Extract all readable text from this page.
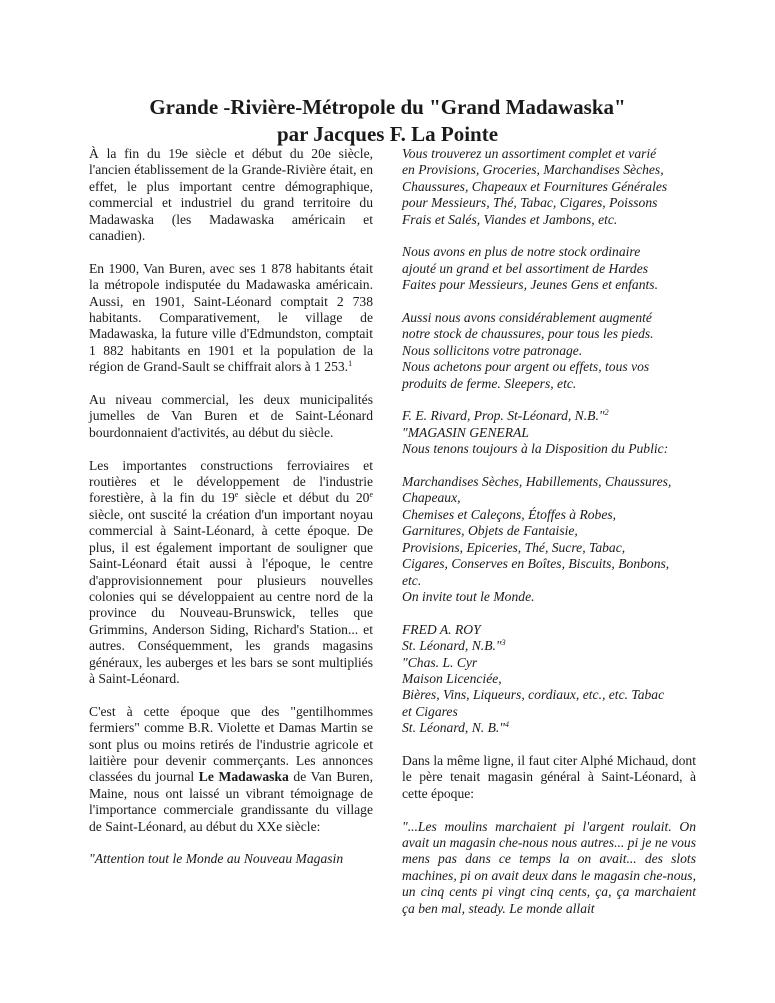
Grande -Rivière-Métropole du "Grand Madawaska"
par Jacques F. La Pointe

À la fin du 19e siècle et début du 20e siècle, l'ancien établissement de la Grande-Rivière était, en effet, le plus important centre démographique, commercial et industriel du grand territoire du Madawaska (les Madawaska américain et canadien).

En 1900, Van Buren, avec ses 1 878 habitants était la métropole indisputée du Madawaska américain. Aussi, en 1901, Saint-Léonard comptait 2 738 habitants. Comparativement, le village de Madawaska, la future ville d'Edmundston, comptait 1 882 habitants en 1901 et la population de la région de Grand-Sault se chiffrait alors à 1 253.$^1$

Au niveau commercial, les deux municipalités jumelles de Van Buren et de Saint-Léonard bourdonnaient d'activités, au début du siècle.

Les importantes constructions ferroviaires et routières et le développement de l'industrie forestière, à la fin du 19e siècle et début du 20e siècle, ont suscité la création d'un important noyau commercial à Saint-Léonard, à cette époque. De plus, il est également important de souligner que Saint-Léonard était aussi à l'époque, le centre d'approvisionnement pour plusieurs nouvelles colonies qui se développaient au centre nord de la province du Nouveau-Brunswick, telles que Grimmins, Anderson Siding, Richard's Station... et autres. Conséquemment, les grands magasins généraux, les auberges et les bars se sont multipliés à Saint-Léonard.

C'est à cette époque que des "gentilhommes fermiers" comme B.R. Violette et Damas Martin se sont plus ou moins retirés de l'industrie agricole et laitière pour devenir commerçants. Les annonces classées du journal Le Madawaska de Van Buren, Maine, nous ont laissé un vibrant témoignage de l'importance commerciale grandissante du village de Saint-Léonard, au début du XXe siècle:

"Attention tout le Monde au Nouveau Magasin

Vous trouverez un assortiment complet et varié
en Provisions, Groceries, Marchandises Sèches,
Chaussures, Chapeaux et Fournitures Générales
pour Messieurs, Thé, Tabac, Cigares, Poissons
Frais et Salés, Viandes et Jambons, etc.

Nous avons en plus de notre stock ordinaire
ajouté un grand et bel assortiment de Hardes
Faites pour Messieurs, Jeunes Gens et enfants.

Aussi nous avons considérablement augmenté
notre stock de chaussures, pour tous les pieds.
Nous sollicitons votre patronage.
Nous achetons pour argent ou effets, tous vos
produits de ferme. Sleepers, etc.

F. E. Rivard, Prop. St-Léonard, N.B."$^2$
"MAGASIN GENERAL
Nous tenons toujours à la Disposition du Public:

Marchandises Sèches, Habillements, Chaussures,
Chapeaux,
Chemises et Caleçons, Étoffes à Robes,
Garnitures, Objets de Fantaisie,
Provisions, Epiceries, Thé, Sucre, Tabac,
Cigares, Conserves en Boîtes, Biscuits, Bonbons,
etc.
On invite tout le Monde.

FRED A. ROY
St. Léonard, N.B."$^3$
"Chas. L. Cyr
Maison Licenciée,
Bières, Vins, Liqueurs, cordiaux, etc., etc. Tabac
et Cigares
St. Léonard, N. B."$^4$

Dans la même ligne, il faut citer Alphé Michaud, dont le père tenait magasin général à Saint-Léonard, à cette époque:

"...Les moulins marchaient pi l'argent roulait. On avait un magasin che-nous nous autres... pi je ne vous mens pas dans ce temps la on avait... des slots machines, pi on avait deux dans le magasin che-nous, un cinq cents pi vingt cinq cents, ça, ça marchaient ça ben mal, steady. Le monde allait
